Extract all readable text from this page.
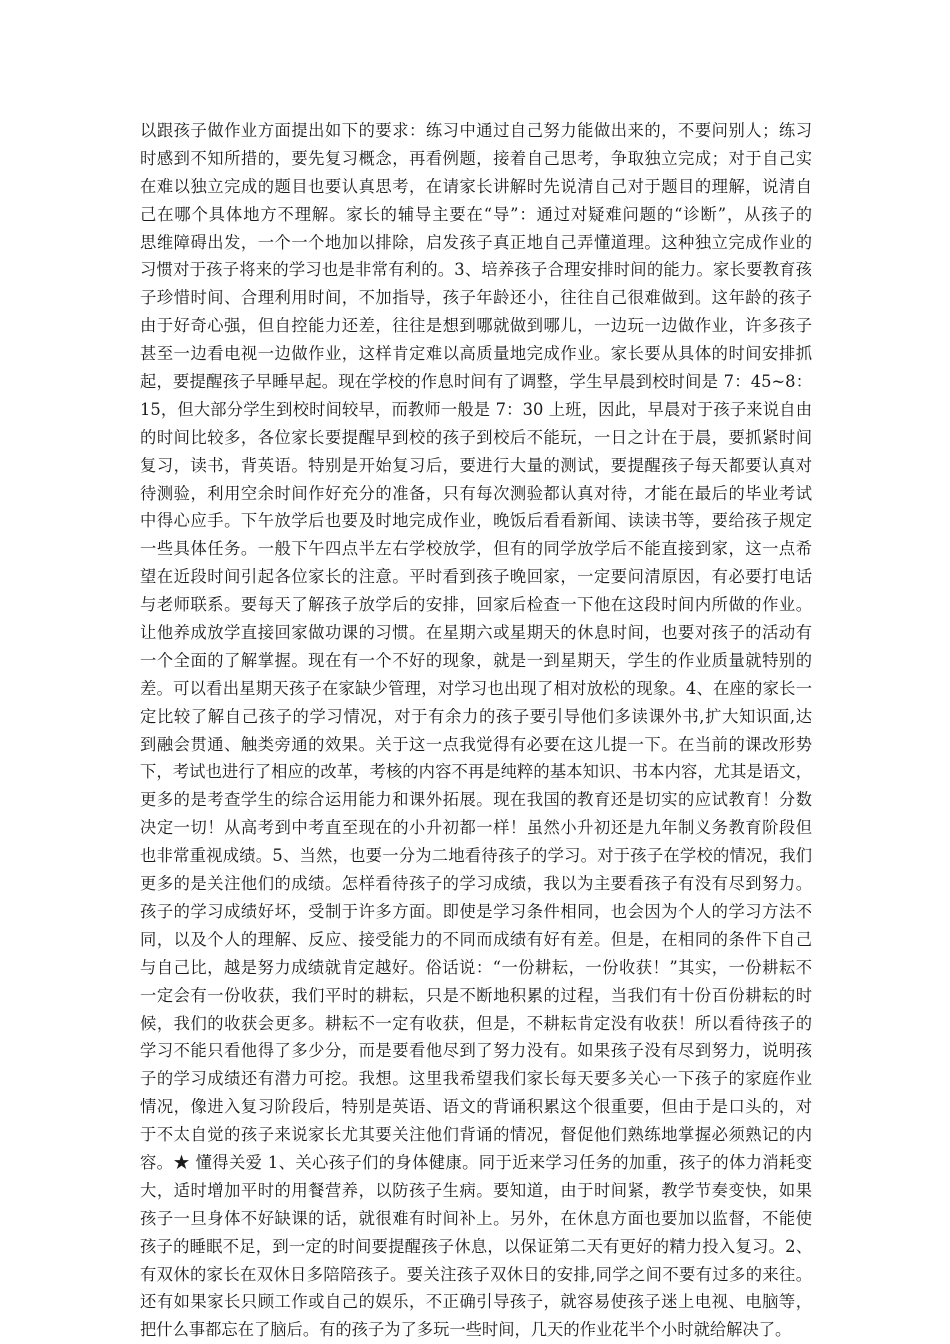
以跟孩子做作业方面提出如下的要求：练习中通过自己努力能做出来的，不要问别人；练习
时感到不知所措的，要先复习概念，再看例题，接着自己思考，争取独立完成；对于自己实
在难以独立完成的题目也要认真思考，在请家长讲解时先说清自己对于题目的理解，说清自
己在哪个具体地方不理解。家长的辅导主要在“导”：通过对疑难问题的“诊断”，从孩子的
思维障碍出发，一个一个地加以排除，启发孩子真正地自己弄懂道理。这种独立完成作业的
习惯对于孩子将来的学习也是非常有利的。3、培养孩子合理安排时间的能力。家长要教育孩
子珍惜时间、合理利用时间，不加指导，孩子年龄还小，往往自己很难做到。这年龄的孩子
由于好奇心强，但自控能力还差，往往是想到哪就做到哪儿，一边玩一边做作业，许多孩子
甚至一边看电视一边做作业，这样肯定难以高质量地完成作业。家长要从具体的时间安排抓
起，要提醒孩子早睡早起。现在学校的作息时间有了调整，学生早晨到校时间是 7：45~8：
15，但大部分学生到校时间较早，而教师一般是 7：30 上班，因此，早晨对于孩子来说自由
的时间比较多，各位家长要提醒早到校的孩子到校后不能玩，一日之计在于晨，要抓紧时间
复习，读书，背英语。特别是开始复习后，要进行大量的测试，要提醒孩子每天都要认真对
待测验，利用空余时间作好充分的准备，只有每次测验都认真对待，才能在最后的毕业考试
中得心应手。下午放学后也要及时地完成作业，晚饭后看看新闻、读读书等，要给孩子规定
一些具体任务。一般下午四点半左右学校放学，但有的同学放学后不能直接到家，这一点希
望在近段时间引起各位家长的注意。平时看到孩子晚回家，一定要问清原因，有必要打电话
与老师联系。要每天了解孩子放学后的安排，回家后检查一下他在这段时间内所做的作业。
让他养成放学直接回家做功课的习惯。在星期六或星期天的休息时间，也要对孩子的活动有
一个全面的了解掌握。现在有一个不好的现象，就是一到星期天，学生的作业质量就特别的
差。可以看出星期天孩子在家缺少管理，对学习也出现了相对放松的现象。4、在座的家长一
定比较了解自己孩子的学习情况，对于有余力的孩子要引导他们多读课外书,扩大知识面,达
到融会贯通、触类旁通的效果。关于这一点我觉得有必要在这儿提一下。在当前的课改形势
下，考试也进行了相应的改革，考核的内容不再是纯粹的基本知识、书本内容，尤其是语文，
更多的是考查学生的综合运用能力和课外拓展。现在我国的教育还是切实的应试教育！分数
决定一切！从高考到中考直至现在的小升初都一样！虽然小升初还是九年制义务教育阶段但
也非常重视成绩。5、当然，也要一分为二地看待孩子的学习。对于孩子在学校的情况，我们
更多的是关注他们的成绩。怎样看待孩子的学习成绩，我以为主要看孩子有没有尽到努力。
孩子的学习成绩好坏，受制于许多方面。即使是学习条件相同，也会因为个人的学习方法不
同，以及个人的理解、反应、接受能力的不同而成绩有好有差。但是，在相同的条件下自己
与自己比，越是努力成绩就肯定越好。俗话说：“一份耕耘，一份收获！”其实，一份耕耘不
一定会有一份收获，我们平时的耕耘，只是不断地积累的过程，当我们有十份百份耕耘的时
候，我们的收获会更多。耕耘不一定有收获，但是，不耕耘肯定没有收获！所以看待孩子的
学习不能只看他得了多少分，而是要看他尽到了努力没有。如果孩子没有尽到努力，说明孩
子的学习成绩还有潜力可挖。我想。这里我希望我们家长每天要多关心一下孩子的家庭作业
情况，像进入复习阶段后，特别是英语、语文的背诵积累这个很重要，但由于是口头的，对
于不太自觉的孩子来说家长尤其要关注他们背诵的情况，督促他们熟练地掌握必须熟记的内
容。★ 懂得关爱 1、关心孩子们的身体健康。同于近来学习任务的加重，孩子的体力消耗变
大，适时增加平时的用餐营养，以防孩子生病。要知道，由于时间紧，教学节奏变快，如果
孩子一旦身体不好缺课的话，就很难有时间补上。另外，在休息方面也要加以监督，不能使
孩子的睡眠不足，到一定的时间要提醒孩子休息，以保证第二天有更好的精力投入复习。2、
有双休的家长在双休日多陪陪孩子。要关注孩子双休日的安排,同学之间不要有过多的来往。
还有如果家长只顾工作或自己的娱乐，不正确引导孩子，就容易使孩子迷上电视、电脑等，
把什么事都忘在了脑后。有的孩子为了多玩一些时间，几天的作业花半个小时就给解决了。
